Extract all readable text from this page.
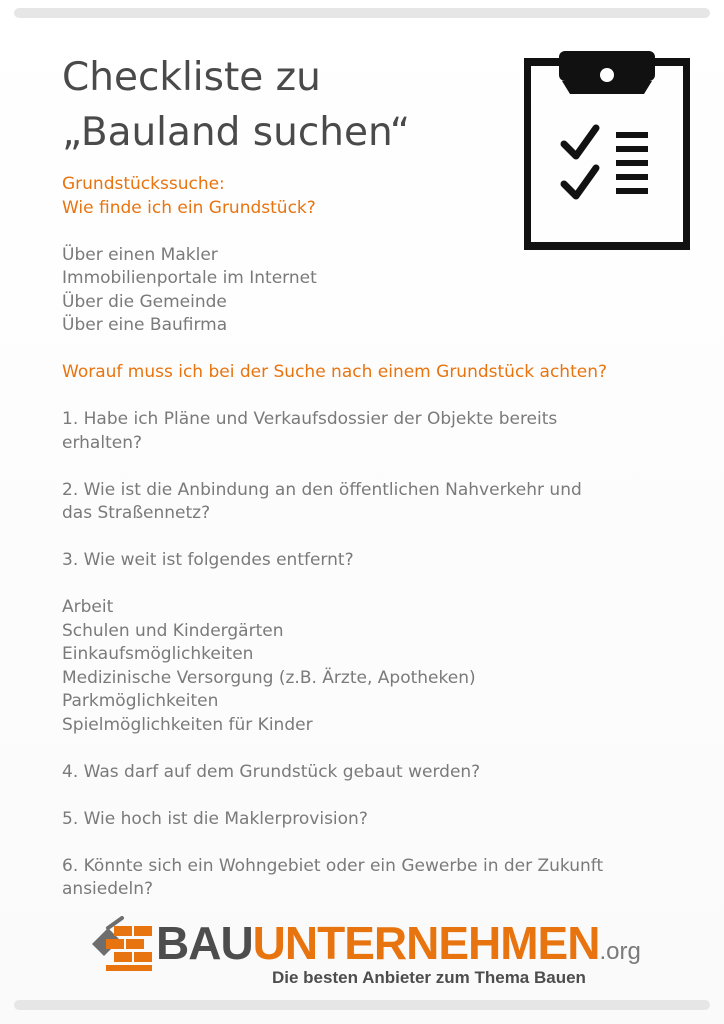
Checkliste zu
„Bauland suchen“
Grundstückssuche:
Wie finde ich ein Grundstück?
Über einen Makler
Immobilienportale im Internet
Über die Gemeinde
Über eine Baufirma
Worauf muss ich bei der Suche nach einem Grundstück achten?
1. Habe ich Pläne und Verkaufsdossier der Objekte bereits
erhalten?
2. Wie ist die Anbindung an den öffentlichen Nahverkehr und
das Straßennetz?
3. Wie weit ist folgendes entfernt?
Arbeit
Schulen und Kindergärten
Einkaufsmöglichkeiten
Medizinische Versorgung (z.B. Ärzte, Apotheken)
Parkmöglichkeiten
Spielmöglichkeiten für Kinder
4. Was darf auf dem Grundstück gebaut werden?
5. Wie hoch ist die Maklerprovision?
6. Könnte sich ein Wohngebiet oder ein Gewerbe in der Zukunft
ansiedeln?
BAUUNTERNEHMEN.org
Die besten Anbieter zum Thema Bauen
